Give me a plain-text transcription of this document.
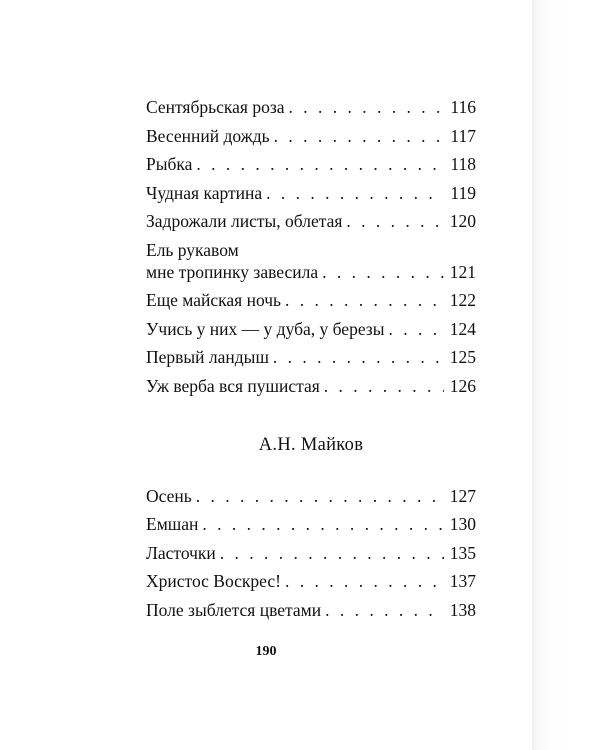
Сентябрьская роза . . .	116
Весенний дождь . . .	117
Рыбка . . .	118
Чудная картина . . .	119
Задрожали листы, облетая . . .	120
Ель рукавом
мне тропинку завесила . . .	121
Еще майская ночь . . .	122
Учись у них — у дуба, у березы . . .	124
Первый ландыш . . .	125
Уж верба вся пушистая . . .	126
А.Н. Майков
Осень . . .	127
Емшан . . .	130
Ласточки . . .	135
Христос Воскрес! . . .	137
Поле зыблется цветами . . .	138
190
